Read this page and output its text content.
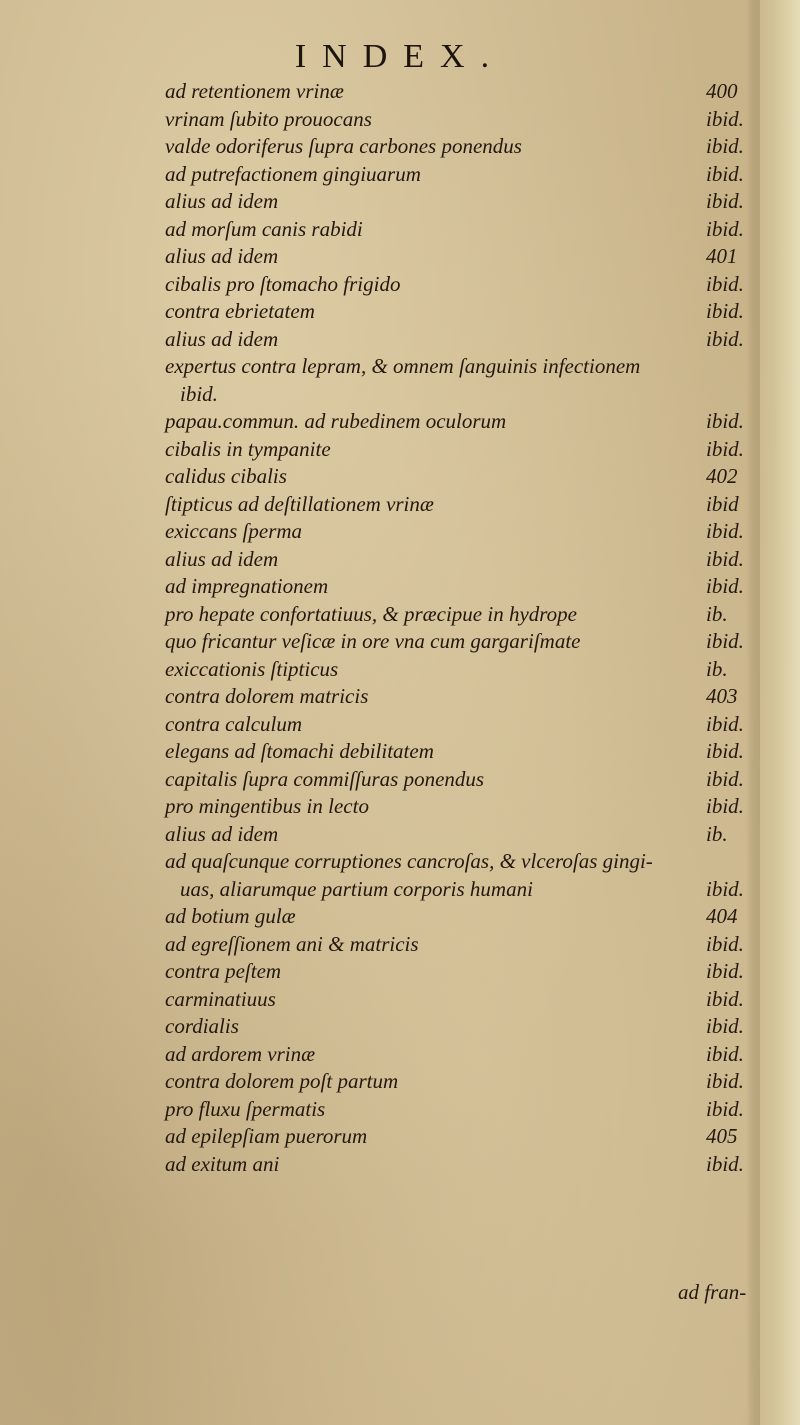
INDEX.
ad retentionem vrinæ	400
vrinam ſubito prouocans	ibid.
valde odoriferus ſupra carbones ponendus	ibid.
ad putrefactionem gingiuarum	ibid.
alius ad idem	ibid.
ad morſum canis rabidi	ibid.
alius ad idem	401
cibalis pro ſtomacho frigido	ibid.
contra ebrietatem	ibid.
alius ad idem	ibid.
expertus contra lepram, & omnem ſanguinis infectionem
ibid.
papau.commun. ad rubedinem oculorum	ibid.
cibalis in tympanite	ibid.
calidus cibalis	402
ſtipticus ad deſtillationem vrinæ	ibid
exiccans ſperma	ibid.
alius ad idem	ibid.
ad impregnationem	ibid.
pro hepate confortatiuus, & præcipue in hydrope	ib.
quo fricantur veſicæ in ore vna cum gargariſmate	ibid.
exiccationis ſtipticus	ib.
contra dolorem matricis	403
contra calculum	ibid.
elegans ad ſtomachi debilitatem	ibid.
capitalis ſupra commiſſuras ponendus	ibid.
pro mingentibus in lecto	ibid.
alius ad idem	ib.
ad quaſcunque corruptiones cancroſas, & vlceroſas gingi-
uas, aliarumque partium corporis humani	ibid.
ad botium gulæ	404
ad egreſſionem ani & matricis	ibid.
contra peſtem	ibid.
carminatiuus	ibid.
cordialis	ibid.
ad ardorem vrinæ	ibid.
contra dolorem poſt partum	ibid.
pro fluxu ſpermatis	ibid.
ad epilepſiam puerorum	405
ad exitum ani	ibid.
ad fran-
